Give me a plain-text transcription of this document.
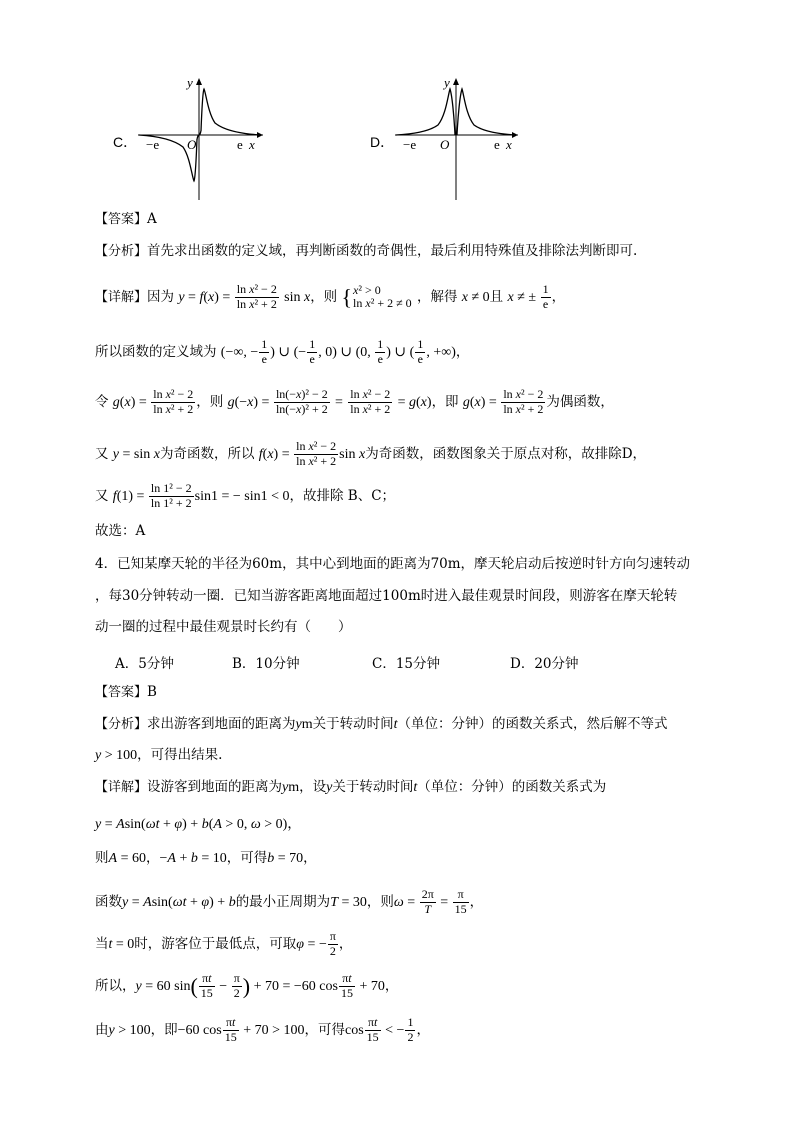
C．
y
x
O
−e	e	D．
y
x
O
−e	e
【答案】A
【分析】首先求出函数的定义域，再判断函数的奇偶性，最后利用特殊值及排除法判断即可.
【详解】因为 $y = f(x) = \frac{\text{ln x² − 2}}{\text{ln x² + 2}}$ sin x，则 { x² > 0
ln x² + 2 ≠ 0 ，解得 x ≠ 0且 x ≠ ± $\frac{1}{e}$ ，
所以函数的定义域为 (−∞, − $\frac{1}{e}$ ) ∪ (− $\frac{1}{e}$ , 0) ∪ (0, $\frac{1}{e}$ ) ∪ ( $\frac{1}{e}$ , +∞)，
令 $g(x) = \frac{\text{ln x² − 2}}{\text{ln x² + 2}}$ ，则 $g(-x) = \frac{\text{ln(−x)² − 2}}{\text{ln(−x)² + 2}} = \frac{\text{ln x² − 2}}{\text{ln x² + 2}} = g(x)$，即 $g(x) = \frac{\text{ln x² − 2}}{\text{ln x² + 2}}$ 为偶函数，
又 y = sin x为奇函数，所以 $f(x) = \frac{\text{ln x² − 2}}{\text{ln x² + 2}}$ sin x为奇函数，函数图象关于原点对称，故排除D，
又 $f(1) = \frac{\text{ln 1² − 2}}{\text{ln 1² + 2}} \sin 1$ = − sin1 < 0，故排除 B、C；
故选：A
4．已知某摩天轮的半径为60m，其中心到地面的距离为70m，摩天轮启动后按逆时针方向匀速转动
，每30分钟转动一圈．已知当游客距离地面超过100m时进入最佳观景时间段，则游客在摩天轮转
动一圈的过程中最佳观景时长约有（　　）
A．5分钟	B．10分钟	C．15分钟	D．20分钟
【答案】B
【分析】求出游客到地面的距离为ym关于转动时间t（单位：分钟）的函数关系式，然后解不等式
y > 100，可得出结果.
【详解】设游客到地面的距离为ym，设y关于转动时间t（单位：分钟）的函数关系式为
y = Asin(ωt + φ) + b(A > 0, ω > 0)，
则A = 60，−A + b = 10，可得b = 70，
函数y = Asin(ωt + φ) + b的最小正周期为T = 30，则$\omega = \frac{2\pi}{T} = \frac{\pi}{15}$ ，
当t = 0时，游客位于最低点，可取φ = − $\frac{\pi}{2}$ ，
所以，y = 60 $\sin( \frac{\pi t}{15} - \frac{\pi}{2}$ ) + 70 = −60 $\cos \frac{\pi t}{15} + 70$，
由y > 100，即−60 $\cos \frac{\pi t}{15} + 70 > 100$，可得$\cos \frac{\pi t}{15}$ < − $\frac{1}{2}$ ，
